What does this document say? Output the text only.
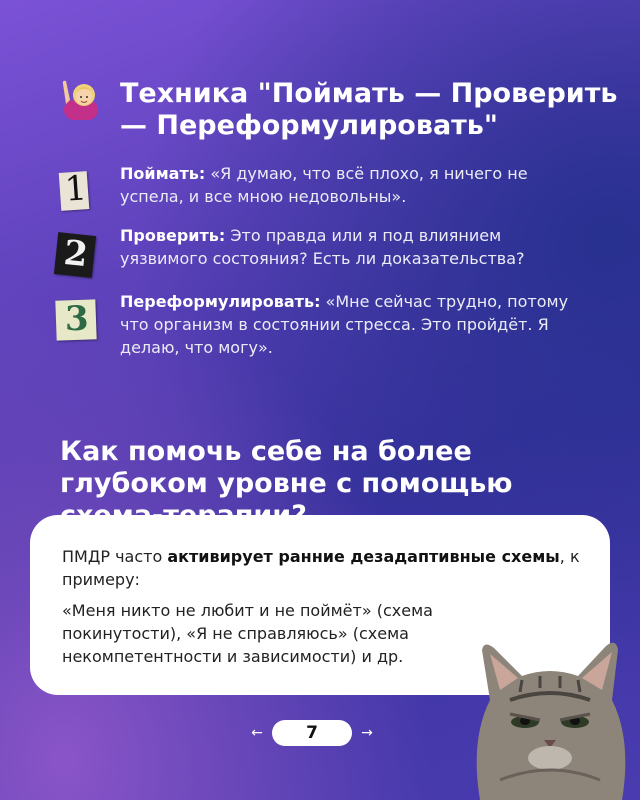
Техника "Поймать — Проверить — Переформулировать"
1 Поймать: «Я думаю, что всё плохо, я ничего не успела, и все мною недовольны».
2 Проверить: Это правда или я под влиянием уязвимого состояния? Есть ли доказательства?
3 Переформулировать: «Мне сейчас трудно, потому что организм в состоянии стресса. Это пройдёт. Я делаю, что могу».
Как помочь себе на более глубоком уровне с помощью

ПМДР часто активирует ранние дезадаптивные схемы, к примеру:

«Меня никто не любит и не поймёт» (схема покинутости), «Я не справляюсь» (схема некомпетентности и зависимости) и др.

←	7	→
